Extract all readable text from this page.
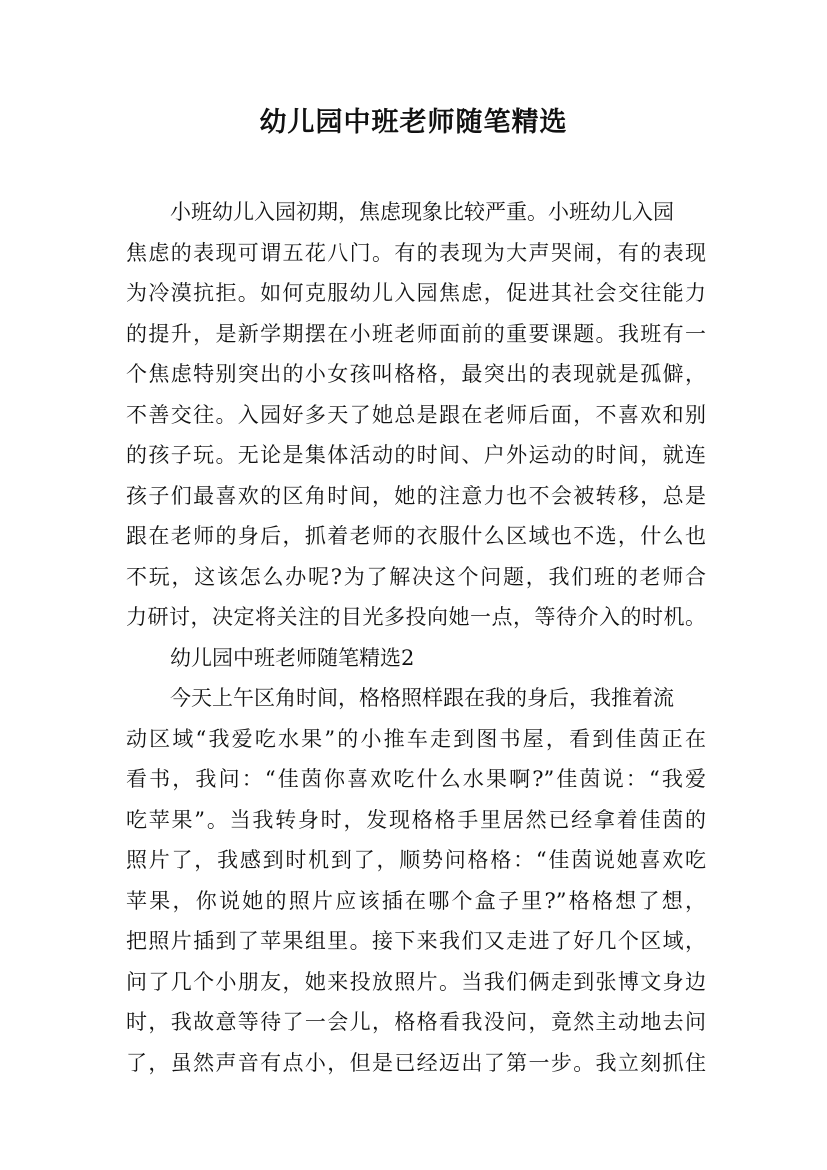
幼儿园中班老师随笔精选
小班幼儿入园初期，焦虑现象比较严重。小班幼儿入园
焦虑的表现可谓五花八门。有的表现为大声哭闹，有的表现
为冷漠抗拒。如何克服幼儿入园焦虑，促进其社会交往能力
的提升，是新学期摆在小班老师面前的重要课题。我班有一
个焦虑特别突出的小女孩叫格格，最突出的表现就是孤僻，
不善交往。入园好多天了她总是跟在老师后面，不喜欢和别
的孩子玩。无论是集体活动的时间、户外运动的时间，就连
孩子们最喜欢的区角时间，她的注意力也不会被转移，总是
跟在老师的身后，抓着老师的衣服什么区域也不选，什么也
不玩，这该怎么办呢?为了解决这个问题，我们班的老师合
力研讨，决定将关注的目光多投向她一点，等待介入的时机。
幼儿园中班老师随笔精选2
今天上午区角时间，格格照样跟在我的身后，我推着流
动区域“我爱吃水果”的小推车走到图书屋，看到佳茵正在
看书，我问：“佳茵你喜欢吃什么水果啊?”佳茵说：“我爱
吃苹果”。当我转身时，发现格格手里居然已经拿着佳茵的
照片了，我感到时机到了，顺势问格格：“佳茵说她喜欢吃
苹果，你说她的照片应该插在哪个盒子里?”格格想了想，
把照片插到了苹果组里。接下来我们又走进了好几个区域，
问了几个小朋友，她来投放照片。当我们俩走到张博文身边
时，我故意等待了一会儿，格格看我没问，竟然主动地去问
了，虽然声音有点小，但是已经迈出了第一步。我立刻抓住
